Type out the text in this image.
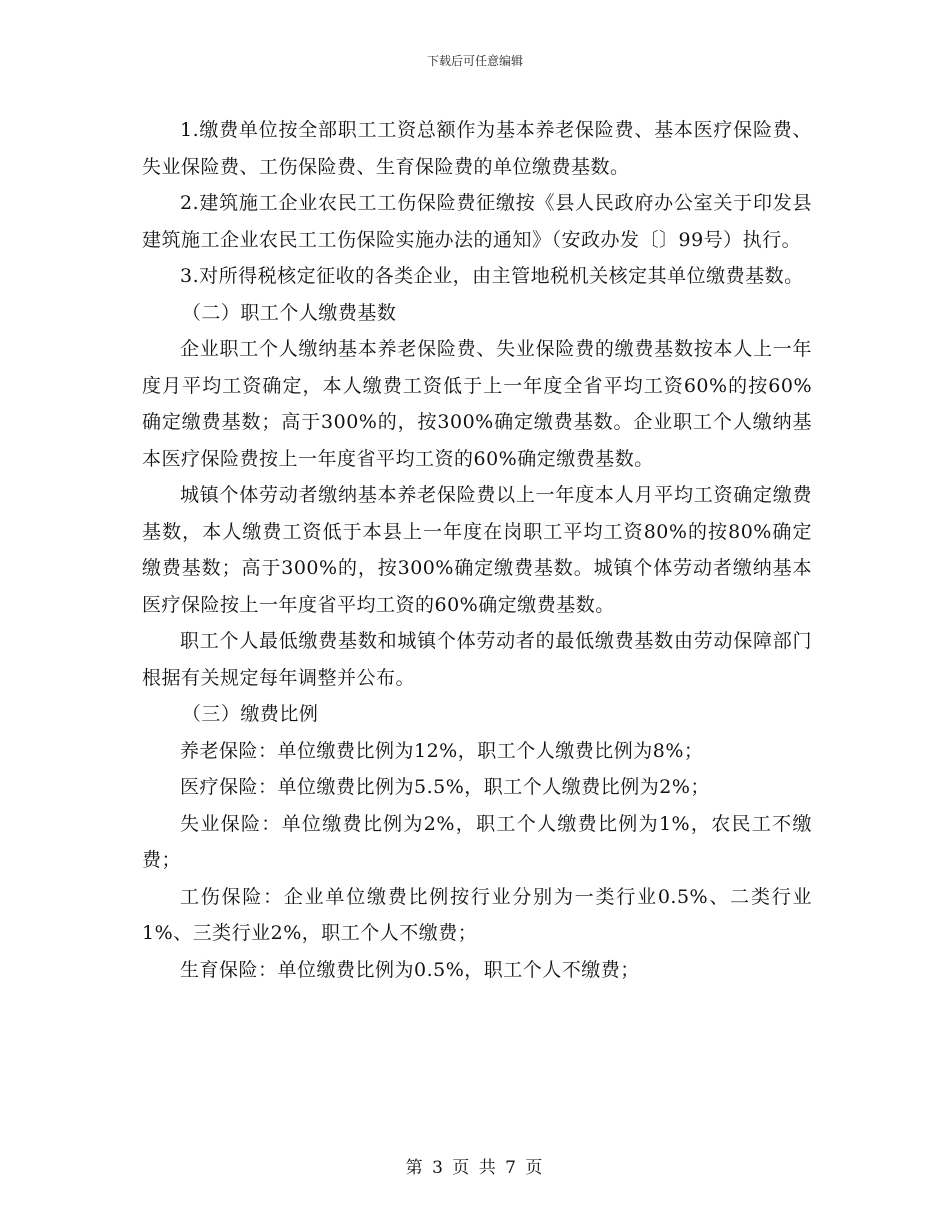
下载后可任意编辑

1.缴费单位按全部职工工资总额作为基本养老保险费、基本医疗保险费、失业保险费、工伤保险费、生育保险费的单位缴费基数。

2.建筑施工企业农民工工伤保险费征缴按《县人民政府办公室关于印发县建筑施工企业农民工工伤保险实施办法的通知》（安政办发〔〕99号）执行。

3.对所得税核定征收的各类企业，由主管地税机关核定其单位缴费基数。

（二）职工个人缴费基数

企业职工个人缴纳基本养老保险费、失业保险费的缴费基数按本人上一年度月平均工资确定，本人缴费工资低于上一年度全省平均工资60%的按60%确定缴费基数；高于300%的，按300%确定缴费基数。企业职工个人缴纳基本医疗保险费按上一年度省平均工资的60%确定缴费基数。

城镇个体劳动者缴纳基本养老保险费以上一年度本人月平均工资确定缴费基数，本人缴费工资低于本县上一年度在岗职工平均工资80%的按80%确定缴费基数；高于300%的，按300%确定缴费基数。城镇个体劳动者缴纳基本医疗保险按上一年度省平均工资的60%确定缴费基数。

职工个人最低缴费基数和城镇个体劳动者的最低缴费基数由劳动保障部门根据有关规定每年调整并公布。

（三）缴费比例

养老保险：单位缴费比例为12%，职工个人缴费比例为8%；

医疗保险：单位缴费比例为5.5%，职工个人缴费比例为2%；

失业保险：单位缴费比例为2%，职工个人缴费比例为1%，农民工不缴费；

工伤保险：企业单位缴费比例按行业分别为一类行业0.5%、二类行业1%、三类行业2%，职工个人不缴费；

生育保险：单位缴费比例为0.5%，职工个人不缴费；

第 3 页 共 7 页
